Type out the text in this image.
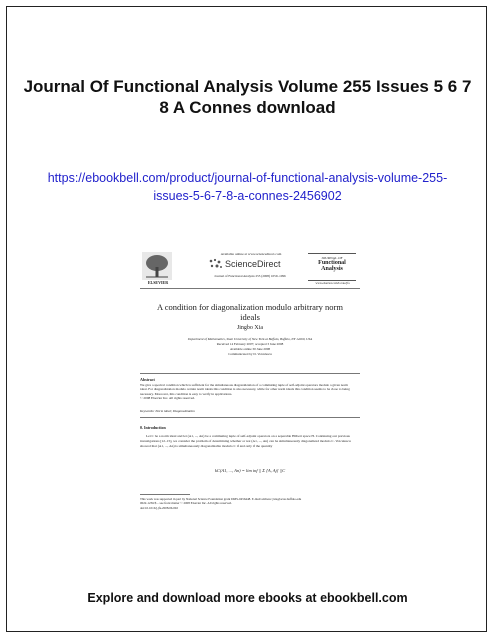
Journal Of Functional Analysis Volume 255 Issues 5 6 7 8 A Connes download
https://ebookbell.com/product/journal-of-functional-analysis-volume-255-issues-5-6-7-8-a-connes-2456902
ELSEVIER
Available online at www.sciencedirect.com
ScienceDirect
Journal of Functional Analysis 255 (2008) 1059–1096
JOURNAL OF
Functional Analysis
www.elsevier.com/locate/jfa
A condition for diagonalization modulo arbitrary norm ideals
Jingbo Xia
Department of Mathematics, State University of New York at Buffalo, Buffalo, NY 14260, USA
Received 14 February 2007; accepted 3 June 2008
Available online 30 June 2008
Communicated by D. Voiculescu
Abstract
We give a spectral condition which is sufficient for the simultaneous diagonalization of a commuting tuple of self-adjoint operators modulo a given norm ideal. For diagonalization modulo certain norm ideals this condition is also necessary, while for other norm ideals this condition seems to be close to being necessary. Moreover, this condition is easy to verify in applications.
© 2008 Elsevier Inc. All rights reserved.
Keywords: Norm ideal; Diagonalization
0. Introduction
Let C be a norm ideal and let (A1, ..., An) be a commuting tuple of self-adjoint operators on a separable Hilbert space H. Continuing our previous investigations [12–15], we consider the problem of determining whether or not (A1, ..., An) can be simultaneously diagonalized modulo C. Voiculescu showed that (A1, ..., An) is simultaneously diagonalizable modulo C if and only if the quantity
kC(A1, ..., An) = lim inf || Σ [A, Aj] ||C
This work was supported in part by National Science Foundation grant DMS-0456448. E-mail address: jxia@acsu.buffalo.edu
0022-1236/$ – see front matter © 2008 Elsevier Inc. All rights reserved.
doi:10.1016/j.jfa.2008.06.002
Explore and download more ebooks at ebookbell.com
